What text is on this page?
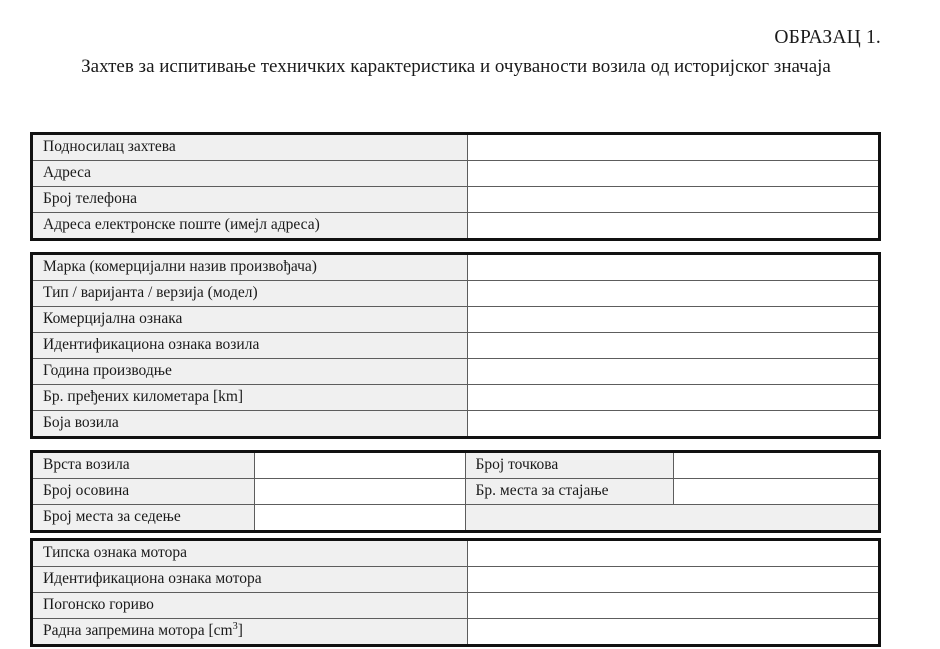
ОБРАЗАЦ 1.
Захтев за испитивање техничких карактеристика и очуваности возила од историјског значаја
Подносилац захтева	
Адреса	
Број телефона	
Адреса електронске поште (имејл адреса)	
Марка (комерцијални назив произвођача)	
Тип / варијанта / верзија (модел)	
Комерцијална ознака	
Идентификациона ознака возила	
Година производње	
Бр. пређених километара [km]	
Боја возила	
Врста возила		Број точкова	
Број осовина		Бр. места за стајање	
Број места за седење			
Типска ознака мотора	
Идентификациона ознака мотора	
Погонско гориво	
Радна запремина мотора $[cm^3]$	
